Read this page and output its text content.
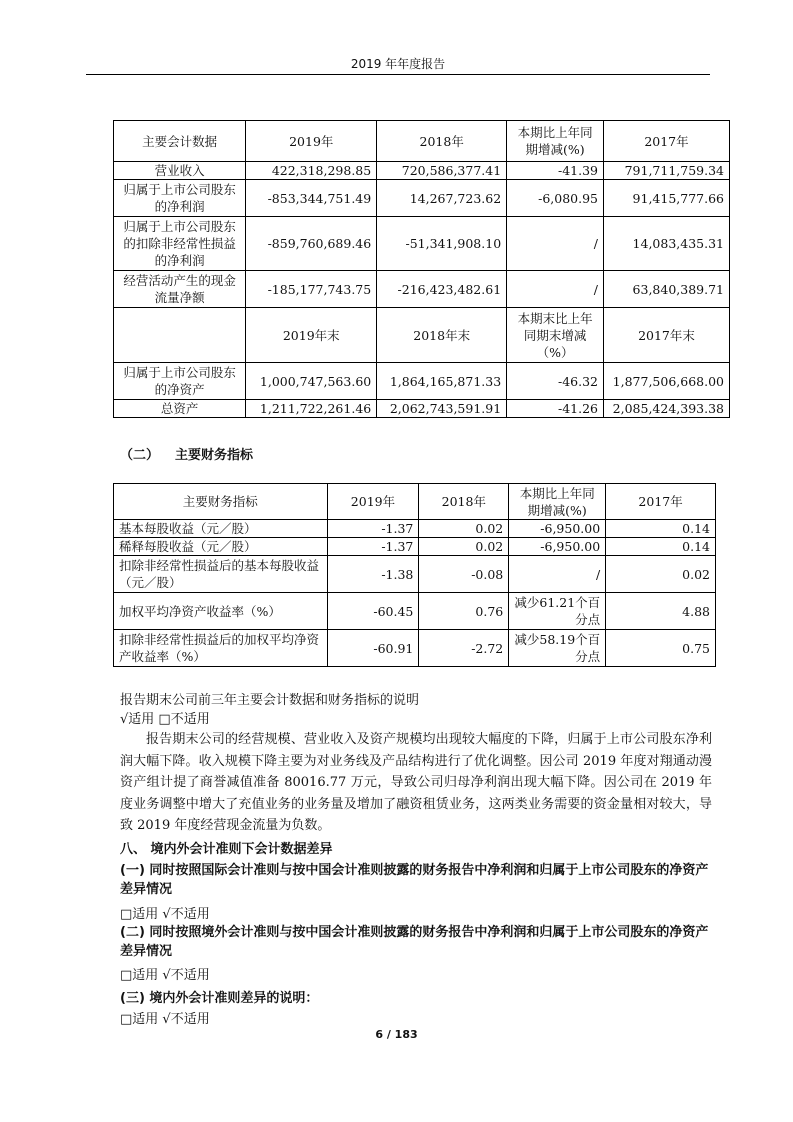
2019 年年度报告
主要会计数据	2019年	2018年	本期比上年同期增减(%)	2017年
营业收入	422,318,298.85	720,586,377.41	-41.39	791,711,759.34
归属于上市公司股东的净利润	-853,344,751.49	14,267,723.62	-6,080.95	91,415,777.66
归属于上市公司股东的扣除非经常性损益的净利润	-859,760,689.46	-51,341,908.10	/	14,083,435.31
经营活动产生的现金流量净额	-185,177,743.75	-216,423,482.61	/	63,840,389.71
	2019年末	2018年末	本期末比上年同期末增减（%）	2017年末
归属于上市公司股东的净资产	1,000,747,563.60	1,864,165,871.33	-46.32	1,877,506,668.00
总资产	1,211,722,261.46	2,062,743,591.91	-41.26	2,085,424,393.38
（二） 主要财务指标
主要财务指标	2019年	2018年	本期比上年同期增减(%)	2017年
基本每股收益（元／股）	-1.37	0.02	-6,950.00	0.14
稀释每股收益（元／股）	-1.37	0.02	-6,950.00	0.14
扣除非经常性损益后的基本每股收益（元／股）	-1.38	-0.08	/	0.02
加权平均净资产收益率（%）	-60.45	0.76	减少61.21个百分点	4.88
扣除非经常性损益后的加权平均净资产收益率（%）	-60.91	-2.72	减少58.19个百分点	0.75
报告期末公司前三年主要会计数据和财务指标的说明
√适用 □不适用
报告期末公司的经营规模、营业收入及资产规模均出现较大幅度的下降，归属于上市公司股东净利润大幅下降。收入规模下降主要为对业务线及产品结构进行了优化调整。因公司 2019 年度对翔通动漫资产组计提了商誉减值准备 80016.77 万元，导致公司归母净利润出现大幅下降。因公司在 2019 年度业务调整中增大了充值业务的业务量及增加了融资租赁业务，这两类业务需要的资金量相对较大，导致 2019 年度经营现金流量为负数。
八、 境内外会计准则下会计数据差异
(一) 同时按照国际会计准则与按中国会计准则披露的财务报告中净利润和归属于上市公司股东的净资产差异情况
□适用 √不适用
(二) 同时按照境外会计准则与按中国会计准则披露的财务报告中净利润和归属于上市公司股东的净资产差异情况
□适用 √不适用
(三) 境内外会计准则差异的说明：
□适用 √不适用
6 / 183
